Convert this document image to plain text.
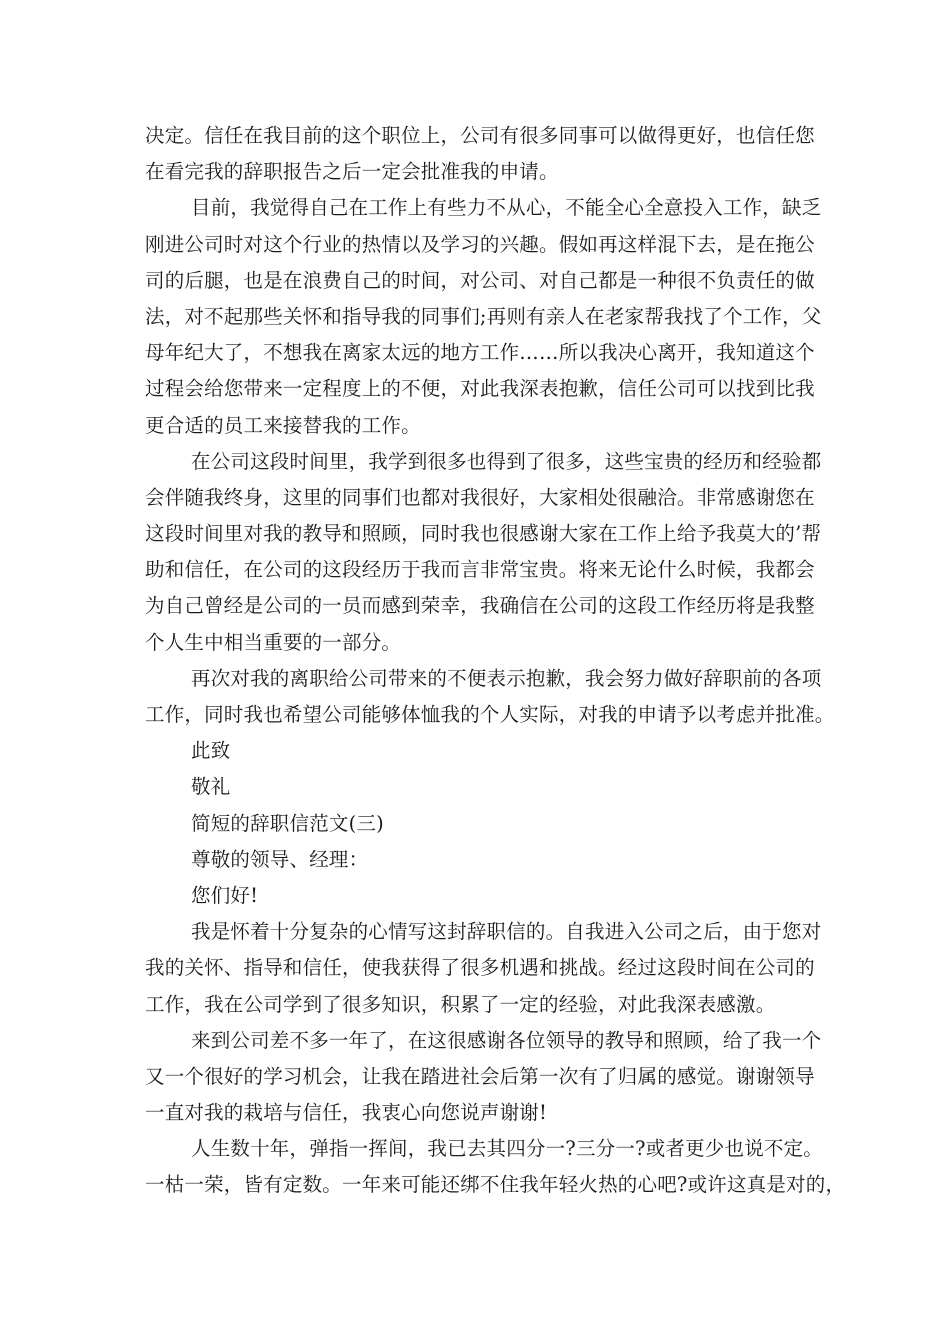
决定。信任在我目前的这个职位上，公司有很多同事可以做得更好，也信任您
在看完我的辞职报告之后一定会批准我的申请。
目前，我觉得自己在工作上有些力不从心，不能全心全意投入工作，缺乏
刚进公司时对这个行业的热情以及学习的兴趣。假如再这样混下去，是在拖公
司的后腿，也是在浪费自己的时间，对公司、对自己都是一种很不负责任的做
法，对不起那些关怀和指导我的同事们;再则有亲人在老家帮我找了个工作，父
母年纪大了，不想我在离家太远的地方工作……所以我决心离开，我知道这个
过程会给您带来一定程度上的不便，对此我深表抱歉，信任公司可以找到比我
更合适的员工来接替我的工作。
在公司这段时间里，我学到很多也得到了很多，这些宝贵的经历和经验都
会伴随我终身，这里的同事们也都对我很好，大家相处很融洽。非常感谢您在
这段时间里对我的教导和照顾，同时我也很感谢大家在工作上给予我莫大的’帮
助和信任，在公司的这段经历于我而言非常宝贵。将来无论什么时候，我都会
为自己曾经是公司的一员而感到荣幸，我确信在公司的这段工作经历将是我整
个人生中相当重要的一部分。
再次对我的离职给公司带来的不便表示抱歉，我会努力做好辞职前的各项
工作，同时我也希望公司能够体恤我的个人实际，对我的申请予以考虑并批准。
此致
敬礼
简短的辞职信范文(三)
尊敬的领导、经理：
您们好!
我是怀着十分复杂的心情写这封辞职信的。自我进入公司之后，由于您对
我的关怀、指导和信任，使我获得了很多机遇和挑战。经过这段时间在公司的
工作，我在公司学到了很多知识，积累了一定的经验，对此我深表感激。
来到公司差不多一年了，在这很感谢各位领导的教导和照顾，给了我一个
又一个很好的学习机会，让我在踏进社会后第一次有了归属的感觉。谢谢领导
一直对我的栽培与信任，我衷心向您说声谢谢!
人生数十年，弹指一挥间，我已去其四分一?三分一?或者更少也说不定。
一枯一荣，皆有定数。一年来可能还绑不住我年轻火热的心吧?或许这真是对的，
